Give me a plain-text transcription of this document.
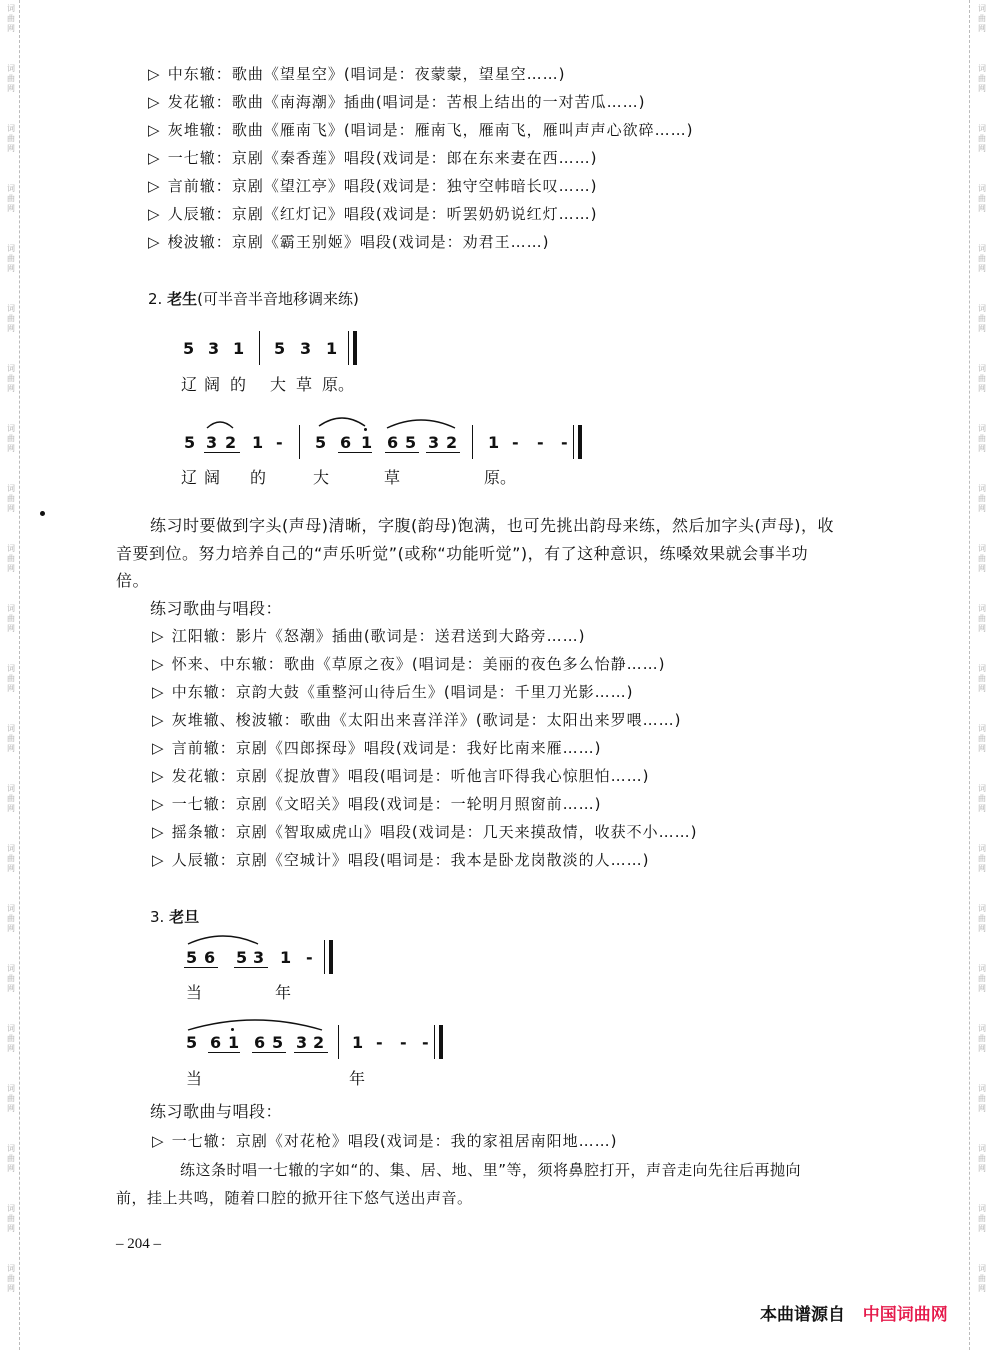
词
曲
网
词
曲
网
词
曲
网
词
曲
网
词
曲
网
词
曲
网
词
曲
网
词
曲
网
词
曲
网
词
曲
网
词
曲
网
词
曲
网
词
曲
网
词
曲
网
词
曲
网
词
曲
网
词
曲
网
词
曲
网
词
曲
网
词
曲
网
词
曲
网
词
曲
网
词
曲
网
词
曲
网
词
曲
网
词
曲
网
词
曲
网
词
曲
网
词
曲
网
词
曲
网
词
曲
网
词
曲
网
词
曲
网
词
曲
网
词
曲
网
词
曲
网
词
曲
网
词
曲
网
词
曲
网
词
曲
网
词
曲
网
词
曲
网
词
曲
网
词
曲
网
▷ 中东辙：歌曲《望星空》(唱词是：夜蒙蒙，望星空……)
▷ 发花辙：歌曲《南海潮》插曲(唱词是：苦根上结出的一对苦瓜……)
▷ 灰堆辙：歌曲《雁南飞》(唱词是：雁南飞，雁南飞，雁叫声声心欲碎……)
▷ 一七辙：京剧《秦香莲》唱段(戏词是：郎在东来妻在西……)
▷ 言前辙：京剧《望江亭》唱段(戏词是：独守空帏暗长叹……)
▷ 人辰辙：京剧《红灯记》唱段(戏词是：听罢奶奶说红灯……)
▷ 梭波辙：京剧《霸王别姬》唱段(戏词是：劝君王……)
2. 老生(可半音半音地移调来练)
5 3 1 5 3 1
辽 阔 的 大 草 原。
5 3 2 1 - 5 6 1 6 5 3 2 1 - - -
辽 阔 的	大	草	原。
练习时要做到字头(声母)清晰，字腹(韵母)饱满，也可先挑出韵母来练，然后加字头(声母)，收
音要到位。努力培养自己的“声乐听觉”(或称“功能听觉”)，有了这种意识，练嗓效果就会事半功
倍。
练习歌曲与唱段：
▷ 江阳辙：影片《怒潮》插曲(歌词是：送君送到大路旁……)
▷ 怀来、中东辙：歌曲《草原之夜》(唱词是：美丽的夜色多么怡静……)
▷ 中东辙：京韵大鼓《重整河山待后生》(唱词是：千里刀光影……)
▷ 灰堆辙、梭波辙：歌曲《太阳出来喜洋洋》(歌词是：太阳出来罗喂……)
▷ 言前辙：京剧《四郎探母》唱段(戏词是：我好比南来雁……)
▷ 发花辙：京剧《捉放曹》唱段(唱词是：听他言吓得我心惊胆怕……)
▷ 一七辙：京剧《文昭关》唱段(戏词是：一轮明月照窗前……)
▷ 摇条辙：京剧《智取威虎山》唱段(戏词是：几天来摸敌情，收获不小……)
▷ 人辰辙：京剧《空城计》唱段(唱词是：我本是卧龙岗散淡的人……)
3. 老旦
5 6 5 3 1 -
当	年
5 6 1 6 5 3 2 1 - - -
当	年
练习歌曲与唱段：
▷ 一七辙：京剧《对花枪》唱段(戏词是：我的家祖居南阳地……)
练这条时唱一七辙的字如“的、集、居、地、里”等，须将鼻腔打开，声音走向先往后再抛向
前，挂上共鸣，随着口腔的掀开往下悠气送出声音。
– 204 –
本曲谱源自 中国词曲网
